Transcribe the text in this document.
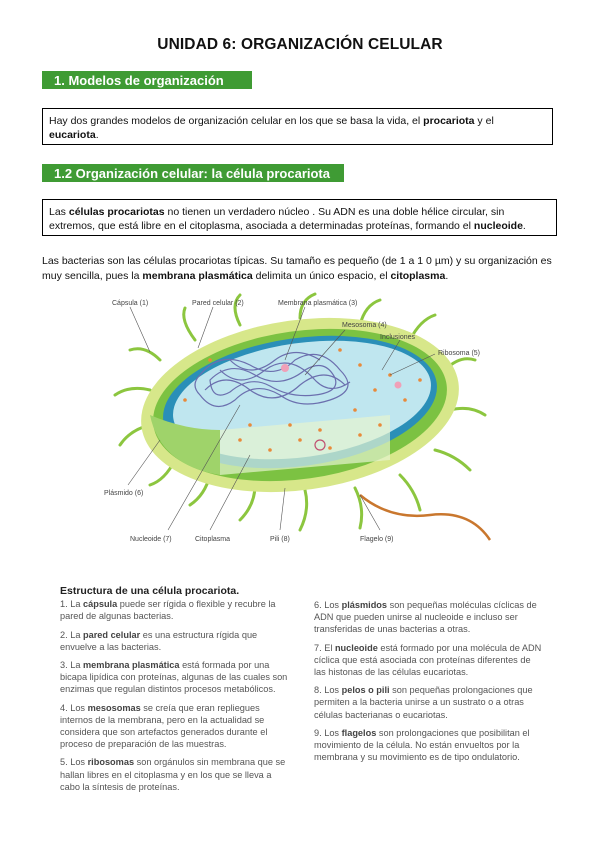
UNIDAD 6: ORGANIZACIÓN CELULAR
1. Modelos de organización
Hay dos grandes modelos de organización celular en los que se basa la vida, el procariota y el eucariota.
1.2 Organización celular: la célula procariota
Las células procariotas no tienen un verdadero núcleo . Su ADN es una doble hélice circular, sin extremos, que está libre en el citoplasma, asociada a determinadas proteínas, formando el nucleoide.
Las bacterias son las células procariotas típicas. Su tamaño es pequeño (de 1 a 1 0 µm) y su organización es muy sencilla, pues la membrana plasmática delimita un único espacio, el citoplasma.
Cápsula (1)	Pared celular (2)	Membrana plasmática (3)
Mesosoma (4)
Inclusiones
Ribosoma (5)
Plásmido (6)
Nucleoide (7)	Citoplasma	Pili (8)	Flagelo (9)
Estructura de una célula procariota.
1. La cápsula puede ser rígida o flexible y recubre la pared de algunas bacterias.
2. La pared celular es una estructura rígida que envuelve a las bacterias.
3. La membrana plasmática está formada por una bicapa lipídica con proteínas, algunas de las cuales son enzimas que regulan distintos procesos metabólicos.
4. Los mesosomas se creía que eran repliegues internos de la membrana, pero en la actualidad se considera que son artefactos generados durante el proceso de preparación de las muestras.
5. Los ribosomas son orgánulos sin membrana que se hallan libres en el citoplasma y en los que se lleva a cabo la síntesis de proteínas.
6. Los plásmidos son pequeñas moléculas cíclicas de ADN que pueden unirse al nucleoide e incluso ser transferidas de unas bacterias a otras.
7. El nucleoide está formado por una molécula de ADN cíclica que está asociada con proteínas diferentes de las histonas de las células eucariotas.
8. Los pelos o pili son pequeñas prolongaciones que permiten a la bacteria unirse a un sustrato o a otras células bacterianas o eucariotas.
9. Los flagelos son prolongaciones que posibilitan el movimiento de la célula. No están envueltos por la membrana y su movimiento es de tipo ondulatorio.
